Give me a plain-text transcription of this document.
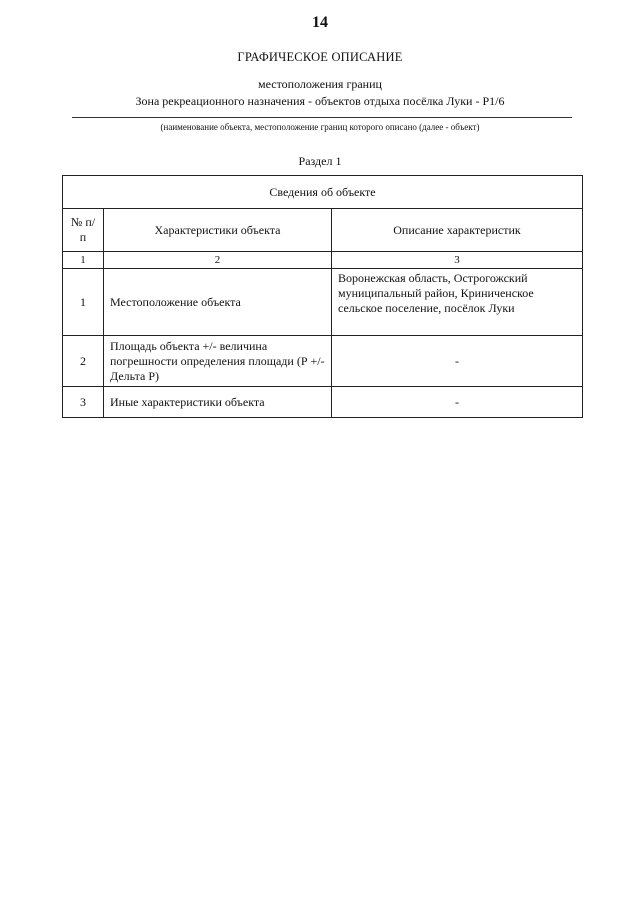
14
ГРАФИЧЕСКОЕ ОПИСАНИЕ
местоположения границ
Зона рекреационного назначения - объектов отдыха посёлка Луки - Р1/6
(наименование объекта, местоположение границ которого описано (далее - объект)
Раздел 1
Сведения об объекте		
№ п/п	Характеристики объекта	Описание характеристик
1	2	3
1	Местоположение объекта	Воронежская область, Острогожский муниципальный район, Криниченское сельское поселение, посёлок Луки
2	Площадь объекта +/- величина погрешности определения площади (Р +/- Дельта Р)	-
3	Иные характеристики объекта	-
